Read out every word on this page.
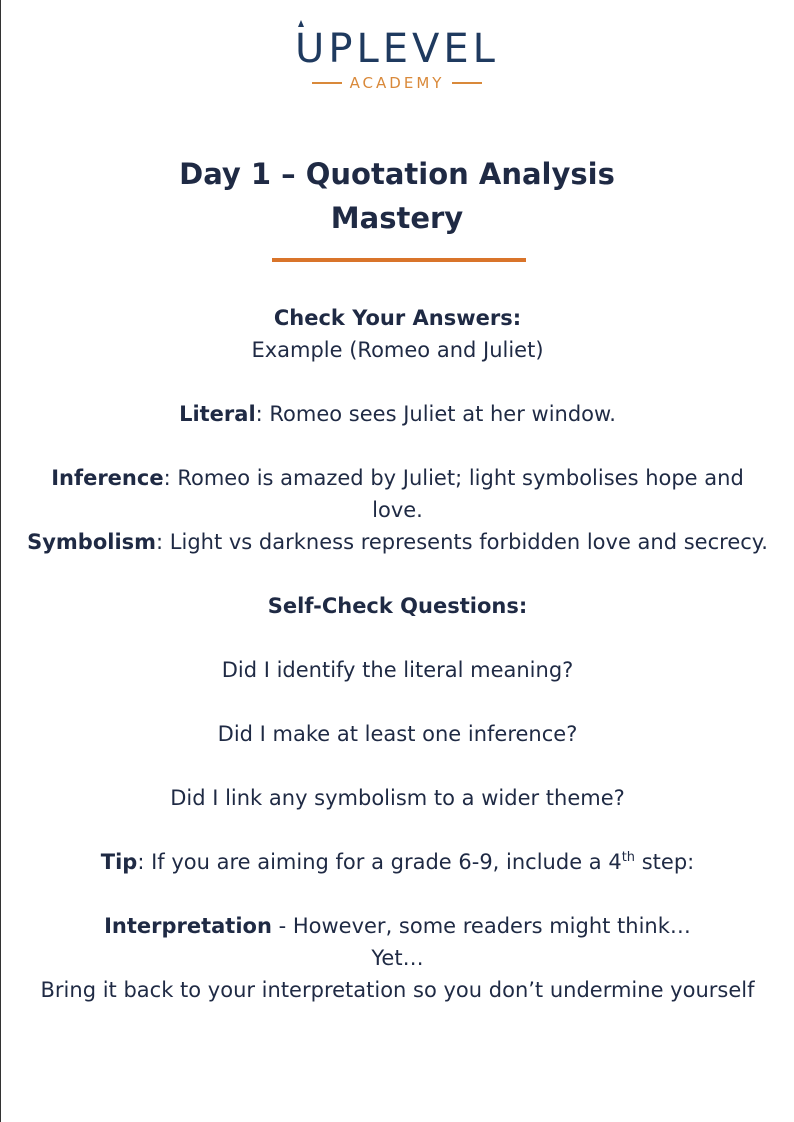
UPLEVEL
ACADEMY
Day 1 – Quotation Analysis
Mastery

Check Your Answers:

Example (Romeo and Juliet)

Literal: Romeo sees Juliet at her window.

Inference: Romeo is amazed by Juliet; light symbolises hope and love.

Symbolism: Light vs darkness represents forbidden love and secrecy.

Self-Check Questions:

Did I identify the literal meaning?

Did I make at least one inference?

Did I link any symbolism to a wider theme?

Tip: If you are aiming for a grade 6-9, include a 4th step:

Interpretation - However, some readers might think…

Yet…

Bring it back to your interpretation so you don’t undermine yourself
